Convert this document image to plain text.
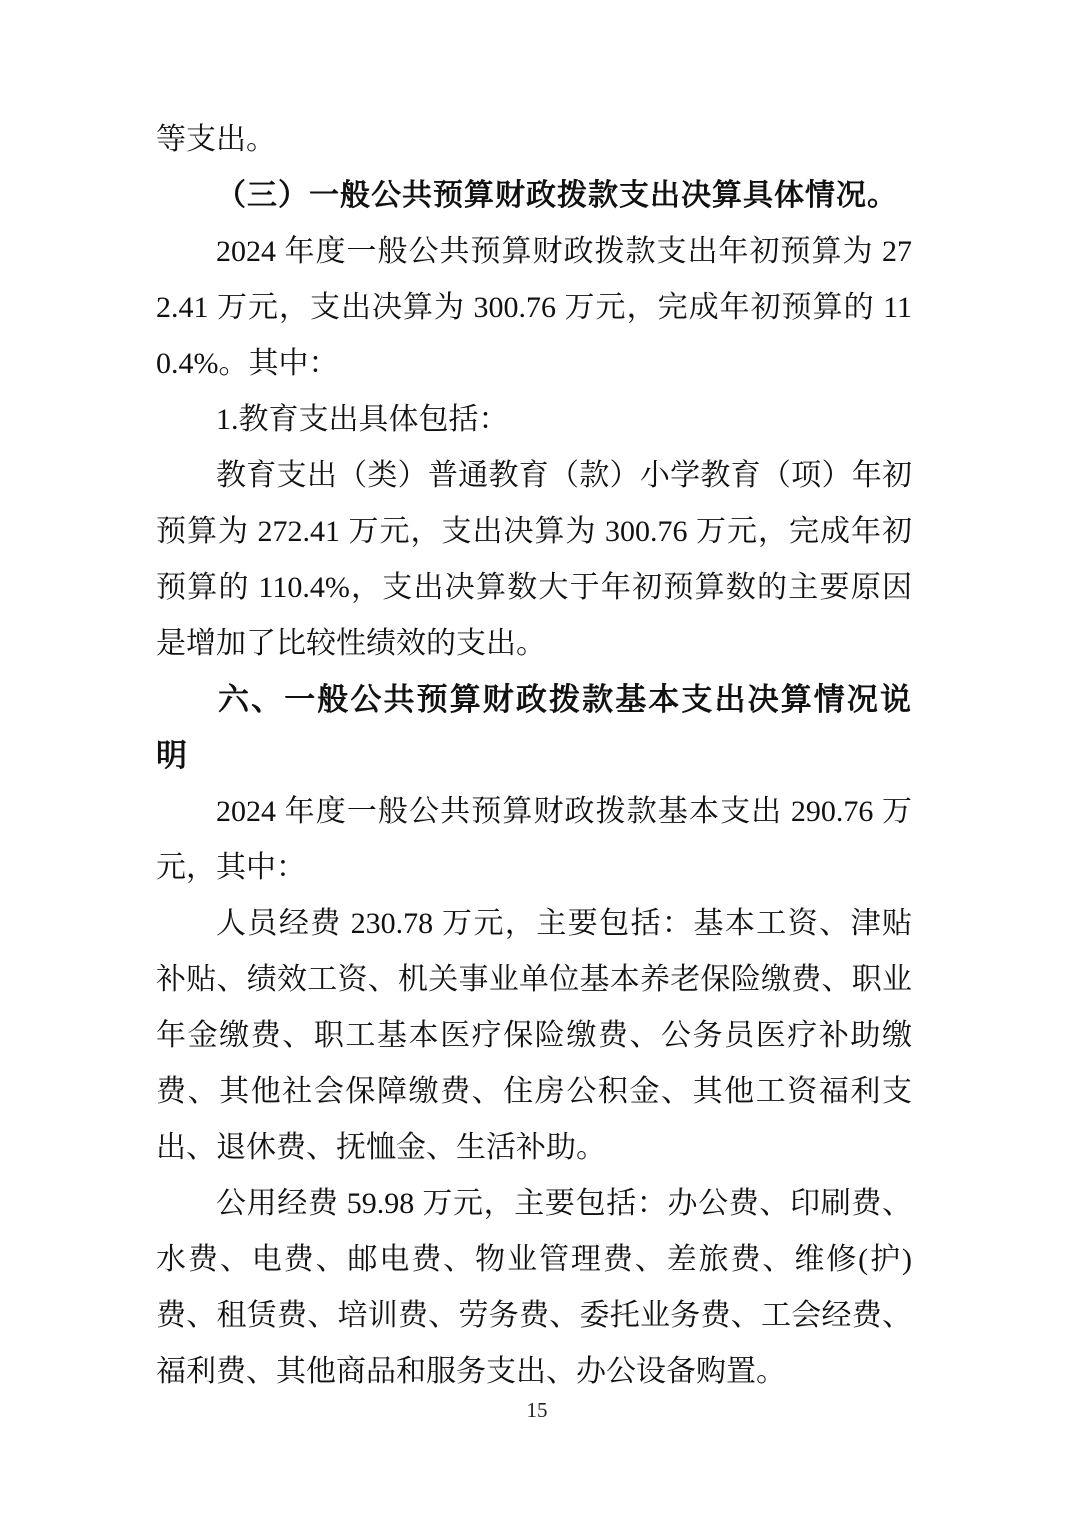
等支出。

（三）一般公共预算财政拨款支出决算具体情况。

2024 年度一般公共预算财政拨款支出年初预算为 272.41 万元，支出决算为 300.76 万元，完成年初预算的 110.4%。其中：

1.教育支出具体包括：

教育支出（类）普通教育（款）小学教育（项）年初预算为 272.41 万元，支出决算为 300.76 万元，完成年初预算的 110.4%，支出决算数大于年初预算数的主要原因是增加了比较性绩效的支出。

六、一般公共预算财政拨款基本支出决算情况说明

2024 年度一般公共预算财政拨款基本支出 290.76 万元，其中：

人员经费 230.78 万元，主要包括：基本工资、津贴补贴、绩效工资、机关事业单位基本养老保险缴费、职业年金缴费、职工基本医疗保险缴费、公务员医疗补助缴费、其他社会保障缴费、住房公积金、其他工资福利支出、退休费、抚恤金、生活补助。

公用经费 59.98 万元，主要包括：办公费、印刷费、水费、电费、邮电费、物业管理费、差旅费、维修(护)费、租赁费、培训费、劳务费、委托业务费、工会经费、福利费、其他商品和服务支出、办公设备购置。

15
